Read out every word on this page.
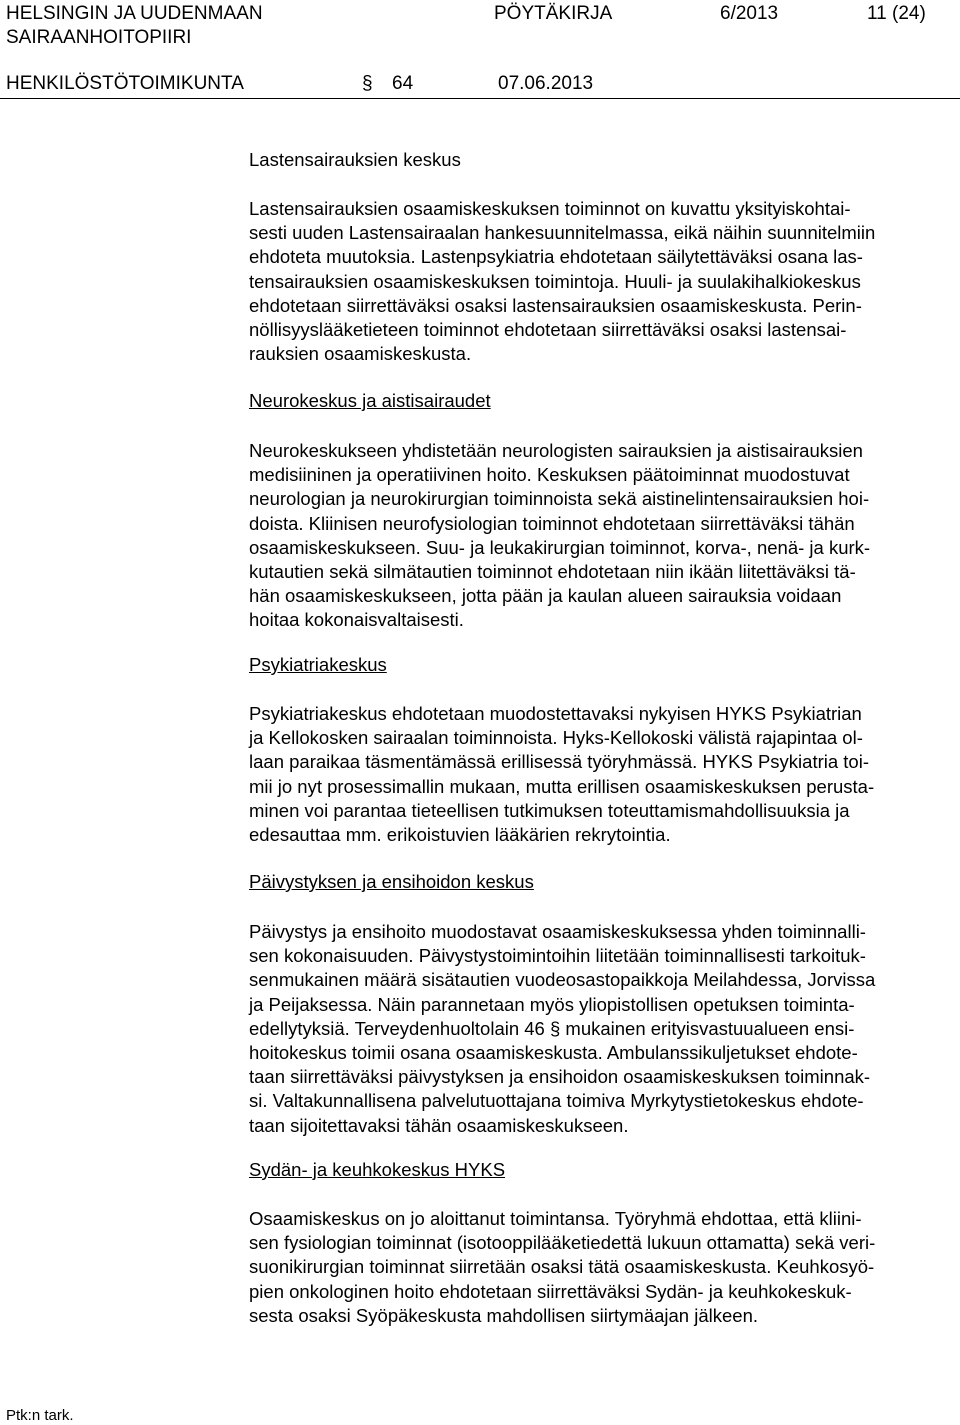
HELSINGIN JA UUDENMAAN
SAIRAANHOITOPIIRI
PÖYTÄKIRJA	6/2013	11 (24)
HENKILÖSTÖTOIMIKUNTA	§ 64	07.06.2013
Lastensairauksien keskus

Lastensairauksien osaamiskeskuksen toiminnot on kuvattu yksityiskohtai-
sesti uuden Lastensairaalan hankesuunnitelmassa, eikä näihin suunnitelmiin
ehdoteta muutoksia. Lastenpsykiatria ehdotetaan säilytettäväksi osana las-
tensairauksien osaamiskeskuksen toimintoja. Huuli- ja suulakihalkiokeskus
ehdotetaan siirrettäväksi osaksi lastensairauksien osaamiskeskusta. Perin-
nöllisyyslääketieteen toiminnot ehdotetaan siirrettäväksi osaksi lastensai-
rauksien osaamiskeskusta.

Neurokeskus ja aistisairaudet

Neurokeskukseen yhdistetään neurologisten sairauksien ja aistisairauksien
medisiininen ja operatiivinen hoito. Keskuksen päätoiminnat muodostuvat
neurologian ja neurokirurgian toiminnoista sekä aistinelintensairauksien hoi-
doista. Kliinisen neurofysiologian toiminnot ehdotetaan siirrettäväksi tähän
osaamiskeskukseen. Suu- ja leukakirurgian toiminnot, korva-, nenä- ja kurk-
kutautien sekä silmätautien toiminnot ehdotetaan niin ikään liitettäväksi tä-
hän osaamiskeskukseen, jotta pään ja kaulan alueen sairauksia voidaan
hoitaa kokonaisvaltaisesti.

Psykiatriakeskus

Psykiatriakeskus ehdotetaan muodostettavaksi nykyisen HYKS Psykiatrian
ja Kellokosken sairaalan toiminnoista. Hyks-Kellokoski välistä rajapintaa ol-
laan paraikaa täsmentämässä erillisessä työryhmässä. HYKS Psykiatria toi-
mii jo nyt prosessimallin mukaan, mutta erillisen osaamiskeskuksen perusta-
minen voi parantaa tieteellisen tutkimuksen toteuttamismahdollisuuksia ja
edesauttaa mm. erikoistuvien lääkärien rekrytointia.

Päivystyksen ja ensihoidon keskus

Päivystys ja ensihoito muodostavat osaamiskeskuksessa yhden toiminnalli-
sen kokonaisuuden. Päivystystoimintoihin liitetään toiminnallisesti tarkoituk-
senmukainen määrä sisätautien vuodeosastopaikkoja Meilahdessa, Jorvissa
ja Peijaksessa. Näin parannetaan myös yliopistollisen opetuksen toiminta-
edellytyksiä. Terveydenhuoltolain 46 § mukainen erityisvastuualueen ensi-
hoitokeskus toimii osana osaamiskeskusta. Ambulanssikuljetukset ehdote-
taan siirrettäväksi päivystyksen ja ensihoidon osaamiskeskuksen toiminnak-
si. Valtakunnallisena palvelutuottajana toimiva Myrkytystietokeskus ehdote-
taan sijoitettavaksi tähän osaamiskeskukseen.

Sydän- ja keuhkokeskus HYKS

Osaamiskeskus on jo aloittanut toimintansa. Työryhmä ehdottaa, että kliini-
sen fysiologian toiminnat (isotooppilääketiedettä lukuun ottamatta) sekä veri-
suonikirurgian toiminnat siirretään osaksi tätä osaamiskeskusta. Keuhkosyö-
pien onkologinen hoito ehdotetaan siirrettäväksi Sydän- ja keuhkokeskuk-
sesta osaksi Syöpäkeskusta mahdollisen siirtymäajan jälkeen.

Ptk:n tark.
